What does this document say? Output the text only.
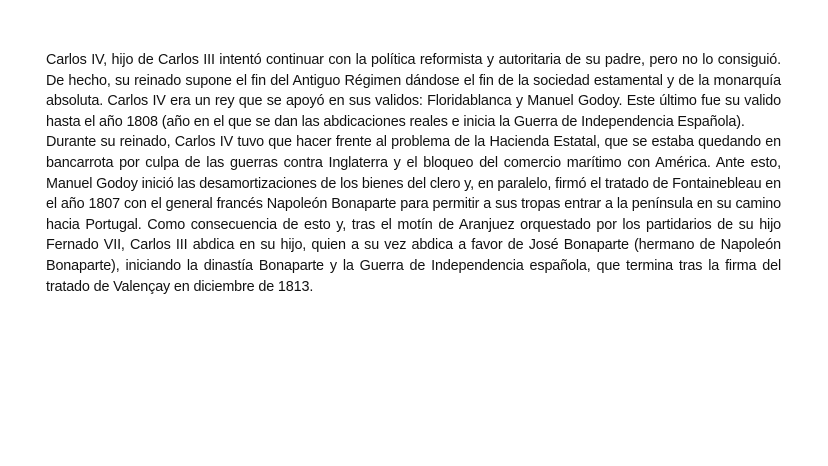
Carlos IV, hijo de Carlos III intentó continuar con la política reformista y autoritaria de su padre, pero no lo consiguió. De hecho, su reinado supone el fin del Antiguo Régimen dándose el fin de la sociedad estamental y de la monarquía absoluta. Carlos IV era un rey que se apoyó en sus validos: Floridablanca y Manuel Godoy. Este último fue su valido hasta el año 1808 (año en el que se dan las abdicaciones reales e inicia la Guerra de Independencia Española).

Durante su reinado, Carlos IV tuvo que hacer frente al problema de la Hacienda Estatal, que se estaba quedando en bancarrota por culpa de las guerras contra Inglaterra y el bloqueo del comercio marítimo con América. Ante esto, Manuel Godoy inició las desamortizaciones de los bienes del clero y, en paralelo, firmó el tratado de Fontainebleau en el año 1807 con el general francés Napoleón Bonaparte para permitir a sus tropas entrar a la península en su camino hacia Portugal. Como consecuencia de esto y, tras el motín de Aranjuez orquestado por los partidarios de su hijo Fernado VII, Carlos III abdica en su hijo, quien a su vez abdica a favor de José Bonaparte (hermano de Napoleón Bonaparte), iniciando la dinastía Bonaparte y la Guerra de Independencia española, que termina tras la firma del tratado de Valençay en diciembre de 1813.
